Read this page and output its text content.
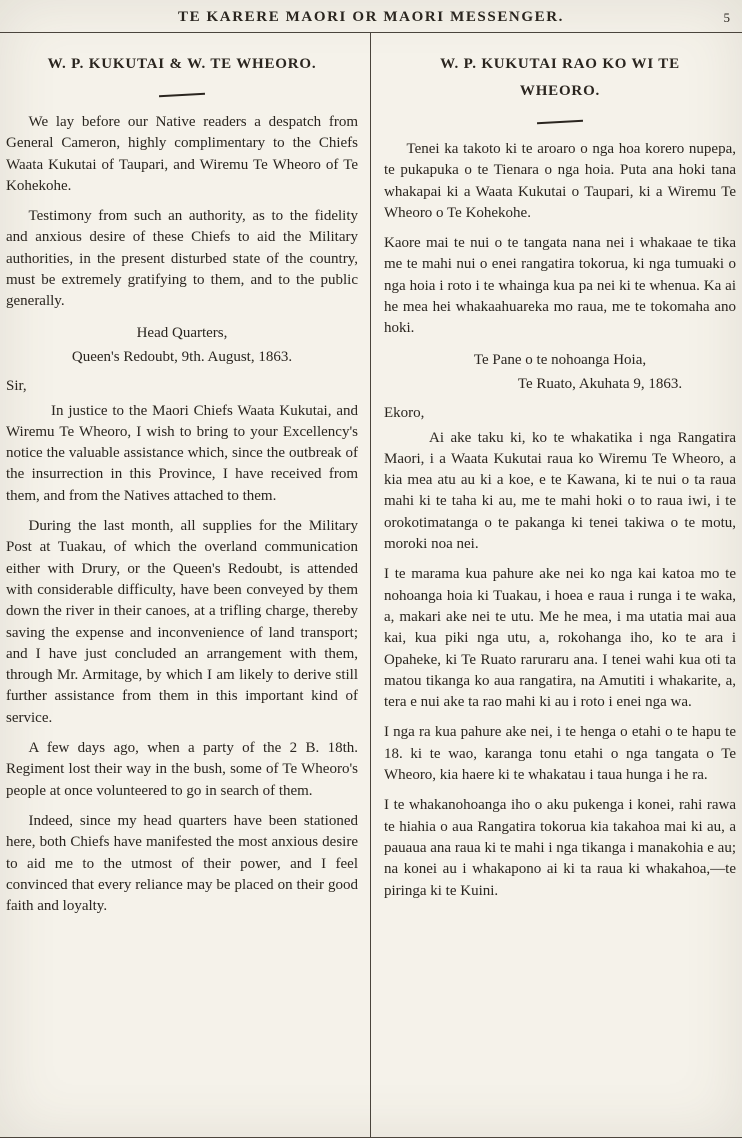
TE KARERE MAORI OR MAORI MESSENGER.	5
W. P. KUKUTAI & W. TE WHEORO.

We lay before our Native readers a despatch from General Cameron, highly complimentary to the Chiefs Waata Kukutai of Taupari, and Wiremu Te Wheoro of Te Kohekohe.

Testimony from such an authority, as to the fidelity and anxious desire of these Chiefs to aid the Military authorities, in the present disturbed state of the country, must be extremely gratifying to them, and to the public generally.

Head Quarters,

Queen's Redoubt, 9th. August, 1863.

Sir,

In justice to the Maori Chiefs Waata Kukutai, and Wiremu Te Wheoro, I wish to bring to your Excellency's notice the valuable assistance which, since the outbreak of the insurrection in this Province, I have received from them, and from the Natives attached to them.

During the last month, all supplies for the Military Post at Tuakau, of which the overland communication either with Drury, or the Queen's Redoubt, is attended with considerable difficulty, have been conveyed by them down the river in their canoes, at a trifling charge, thereby saving the expense and inconvenience of land transport; and I have just concluded an arrangement with them, through Mr. Armitage, by which I am likely to derive still further assistance from them in this important kind of service.

A few days ago, when a party of the 2 B. 18th. Regiment lost their way in the bush, some of Te Wheoro's people at once volunteered to go in search of them.

Indeed, since my head quarters have been stationed here, both Chiefs have manifested the most anxious desire to aid me to the utmost of their power, and I feel convinced that every reliance may be placed on their good faith and loyalty.

W. P. KUKUTAI RAO KO WI TE WHEORO.

Tenei ka takoto ki te aroaro o nga hoa korero nupepa, te pukapuka o te Tienara o nga hoia. Puta ana hoki tana whakapai ki a Waata Kukutai o Taupari, ki a Wiremu Te Wheoro o Te Kohekohe.

Kaore mai te nui o te tangata nana nei i whakaae te tika me te mahi nui o enei rangatira tokorua, ki nga tumuaki o nga hoia i roto i te whainga kua pa nei ki te whenua. Ka ai he mea hei whakaahuareka mo raua, me te tokomaha ano hoki.

Te Pane o te nohoanga Hoia,

Te Ruato, Akuhata 9, 1863.

Ekoro,

Ai ake taku ki, ko te whakatika i nga Rangatira Maori, i a Waata Kukutai raua ko Wiremu Te Wheoro, a kia mea atu au ki a koe, e te Kawana, ki te nui o ta raua mahi ki te taha ki au, me te mahi hoki o to raua iwi, i te orokotimatanga o te pakanga ki tenei takiwa o te motu, moroki noa nei.

I te marama kua pahure ake nei ko nga kai katoa mo te nohoanga hoia ki Tuakau, i hoea e raua i runga i te waka, a, makari ake nei te utu. Me he mea, i ma utatia mai aua kai, kua piki nga utu, a, rokohanga iho, ko te ara i Opaheke, ki Te Ruato raruraru ana. I tenei wahi kua oti ta matou tikanga ko aua rangatira, na Amutiti i whakarite, a, tera e nui ake ta rao mahi ki au i roto i enei nga wa.

I nga ra kua pahure ake nei, i te henga o etahi o te hapu te 18. ki te wao, karanga tonu etahi o nga tangata o Te Wheoro, kia haere ki te whakatau i taua hunga i he ra.

I te whakanohoanga iho o aku pukenga i konei, rahi rawa te hiahia o aua Rangatira tokorua kia takahoa mai ki au, a pauaua ana raua ki te mahi i nga tikanga i manakohia e au; na konei au i whakapono ai ki ta raua ki whakahoa,—te piringa ki te Kuini.
